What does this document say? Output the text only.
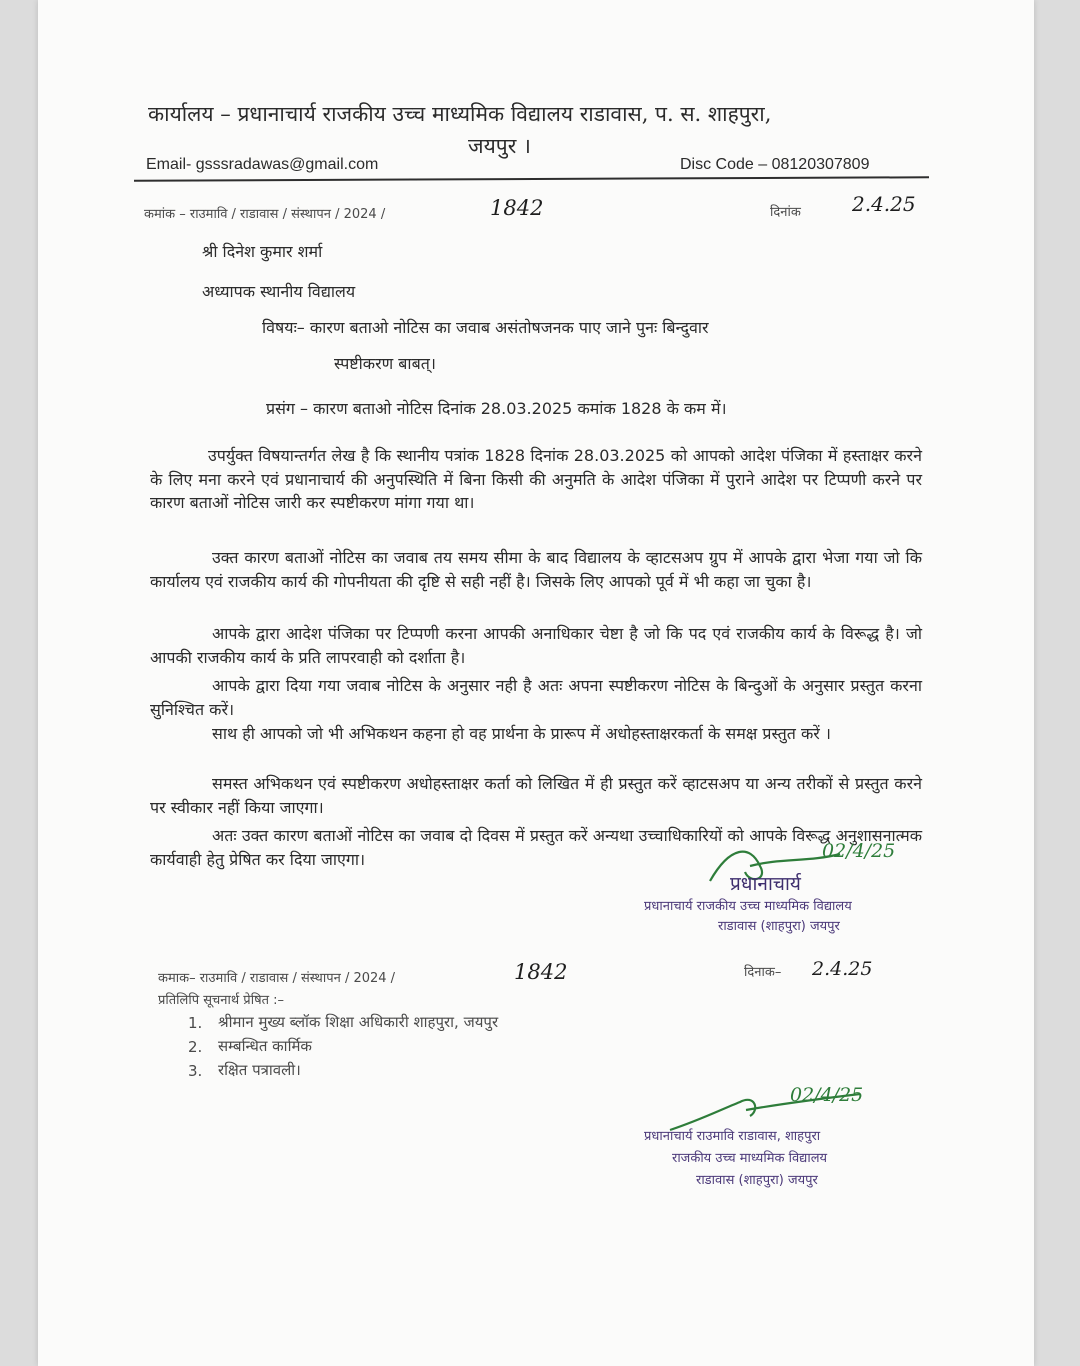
कार्यालय – प्रधानाचार्य राजकीय उच्च माध्यमिक विद्यालय राडावास, प. स. शाहपुरा,
जयपुर ।
Email- gsssradawas@gmail.com	Disc Code – 08120307809
कमांक – राउमावि / राडावास / संस्थापन / 2024 /	1842	दिनांक	2.4.25
श्री दिनेश कुमार शर्मा
अध्यापक स्थानीय विद्यालय
विषयः– कारण बताओ नोटिस का जवाब असंतोषजनक पाए जाने पुनः बिन्दुवार
स्पष्टीकरण बाबत्।
प्रसंग – कारण बताओ नोटिस दिनांक 28.03.2025 कमांक 1828 के कम में।
उपर्युक्त विषयान्तर्गत लेख है कि स्थानीय पत्रांक 1828 दिनांक 28.03.2025 को आपको आदेश पंजिका में हस्ताक्षर करने के लिए मना करने एवं प्रधानाचार्य की अनुपस्थिति में बिना किसी की अनुमति के आदेश पंजिका में पुराने आदेश पर टिप्पणी करने पर कारण बताओं नोटिस जारी कर स्पष्टीकरण मांगा गया था।
उक्त कारण बताओं नोटिस का जवाब तय समय सीमा के बाद विद्यालय के व्हाटसअप ग्रुप में आपके द्वारा भेजा गया जो कि कार्यालय एवं राजकीय कार्य की गोपनीयता की दृष्टि से सही नहीं है। जिसके लिए आपको पूर्व में भी कहा जा चुका है।
आपके द्वारा आदेश पंजिका पर टिप्पणी करना आपकी अनाधिकार चेष्टा है जो कि पद एवं राजकीय कार्य के विरूद्ध है। जो आपकी राजकीय कार्य के प्रति लापरवाही को दर्शाता है।
आपके द्वारा दिया गया जवाब नोटिस के अनुसार नही है अतः अपना स्पष्टीकरण नोटिस के बिन्दुओं के अनुसार प्रस्तुत करना सुनिश्चित करें।
साथ ही आपको जो भी अभिकथन कहना हो वह प्रार्थना के प्रारूप में अधोहस्ताक्षरकर्ता के समक्ष प्रस्तुत करें ।
समस्त अभिकथन एवं स्पष्टीकरण अधोहस्ताक्षर कर्ता को लिखित में ही प्रस्तुत करें व्हाटसअप या अन्य तरीकों से प्रस्तुत करने पर स्वीकार नहीं किया जाएगा।
अतः उक्त कारण बताओं नोटिस का जवाब दो दिवस में प्रस्तुत करें अन्यथा उच्चाधिकारियों को आपके विरूद्ध अनुशासनात्मक कार्यवाही हेतु प्रेषित कर दिया जाएगा।	02/4/25
प्रधानाचार्य
प्रधानाचार्य राजकीय उच्च माध्यमिक विद्यालय
राडावास (शाहपुरा) जयपुर
कमाक– राउमावि / राडावास / संस्थापन / 2024 /	1842	दिनाक– 2.4.25
प्रतिलिपि सूचनार्थ प्रेषित :–
1. श्रीमान मुख्य ब्लॉक शिक्षा अधिकारी शाहपुरा, जयपुर
2. सम्बन्धित कार्मिक
3. रक्षित पत्रावली।
02/4/25
प्रधानाचार्य राउमावि राडावास, शाहपुरा
राजकीय उच्च माध्यमिक विद्यालय
राडावास (शाहपुरा) जयपुर
